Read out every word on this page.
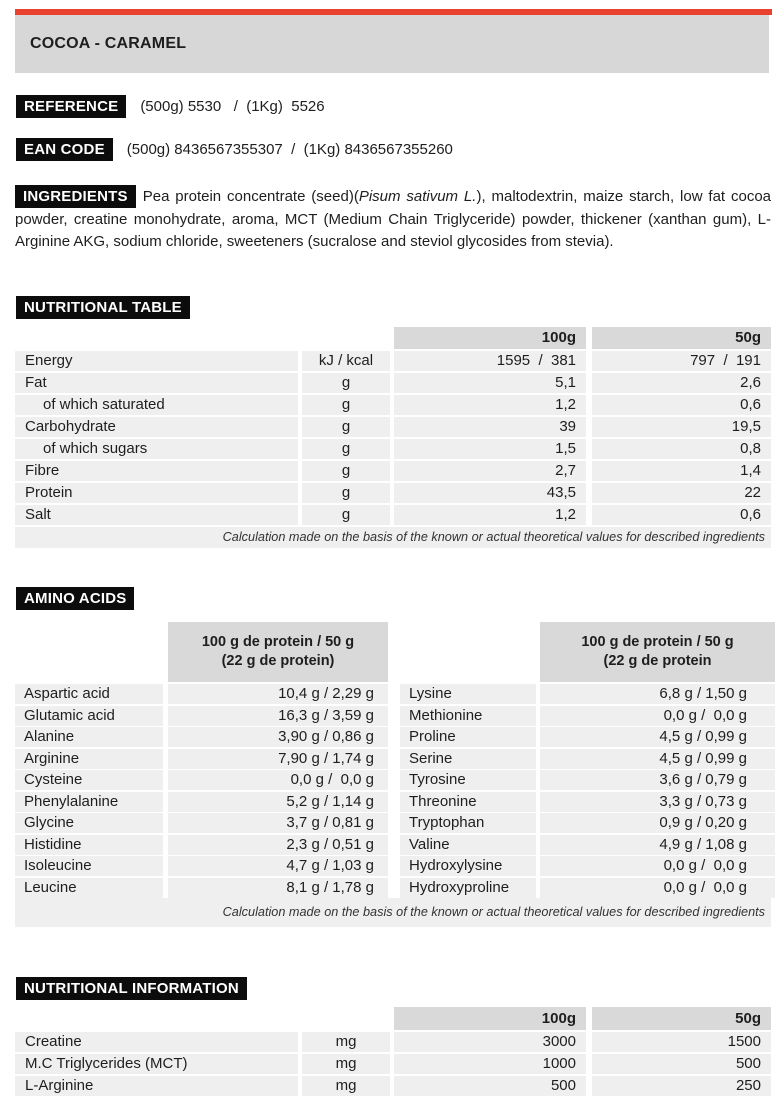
COCOA - CARAMEL
REFERENCE	(500g) 5530   /  (1Kg)  5526
EAN CODE	(500g) 8436567355307  /  (1Kg) 8436567355260
INGREDIENTS Pea protein concentrate (seed)(Pisum sativum L.), maltodextrin, maize starch, low fat cocoa powder, creatine monohydrate, aroma, MCT (Medium Chain Triglyceride) powder, thickener (xanthan gum), L-Arginine AKG, sodium chloride, sweeteners (sucralose and steviol glycosides from stevia).
NUTRITIONAL TABLE
100g	50g
Energy	kJ / kcal	1595  /  381	797  /  191
Fat	g	5,1	2,6
of which saturated	g	1,2	0,6
Carbohydrate	g	39	19,5
of which sugars	g	1,5	0,8
Fibre	g	2,7	1,4
Protein	g	43,5	22
Salt	g	1,2	0,6
Calculation made on the basis of the known or actual theoretical values for described ingredients
AMINO ACIDS
100 g de protein / 50 g
(22 g de protein)
Aspartic acid	10,4 g / 2,29 g
Glutamic acid	16,3 g / 3,59 g
Alanine	3,90 g / 0,86 g
Arginine	7,90 g / 1,74 g
Cysteine	0,0 g /  0,0 g
Phenylalanine	5,2 g / 1,14 g
Glycine	3,7 g / 0,81 g
Histidine	2,3 g / 0,51 g
Isoleucine	4,7 g / 1,03 g
Leucine	8,1 g / 1,78 g
100 g de protein / 50 g
(22 g de protein
Lysine	6,8 g / 1,50 g
Methionine	0,0 g /  0,0 g
Proline	4,5 g / 0,99 g
Serine	4,5 g / 0,99 g
Tyrosine	3,6 g / 0,79 g
Threonine	3,3 g / 0,73 g
Tryptophan	0,9 g / 0,20 g
Valine	4,9 g / 1,08 g
Hydroxylysine	0,0 g /  0,0 g
Hydroxyproline	0,0 g /  0,0 g
Calculation made on the basis of the known or actual theoretical values for described ingredients
NUTRITIONAL INFORMATION
100g	50g
Creatine	mg	3000	1500
M.C Triglycerides (MCT)	mg	1000	500
L-Arginine	mg	500	250
